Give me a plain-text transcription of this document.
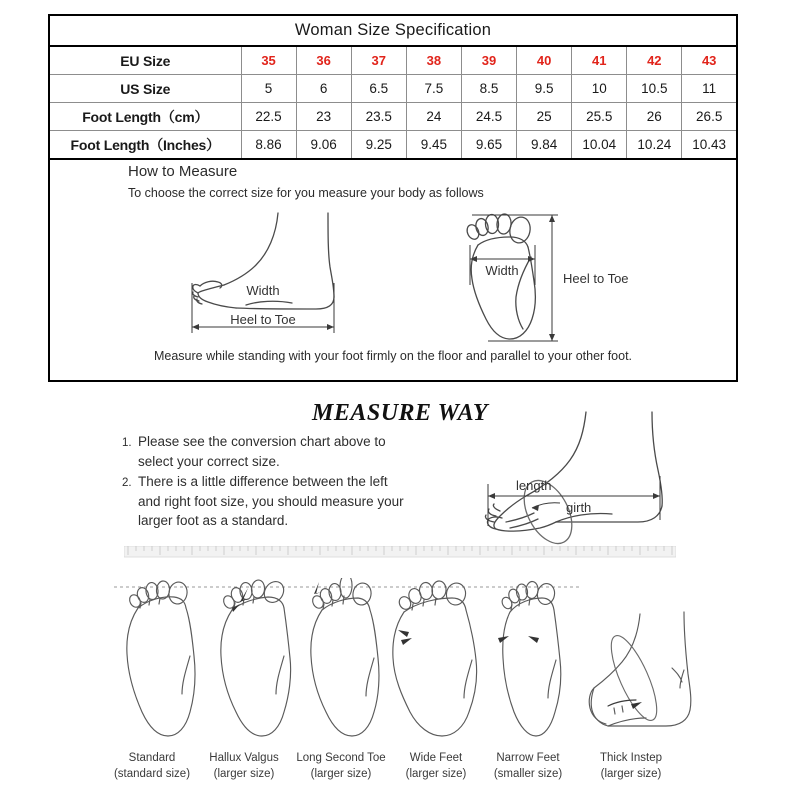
Woman Size Specification									
EU Size	35	36	37	38	39	40	41	42	43
US Size	5	6	6.5	7.5	8.5	9.5	10	10.5	11
Foot Length（cm）	22.5	23	23.5	24	24.5	25	25.5	26	26.5
Foot Length（Inches）	8.86	9.06	9.25	9.45	9.65	9.84	10.04	10.24	10.43
How to Measure
To choose the correct size for you measure your body as follows
Width
Heel to Toe
Width
Heel to Toe
Measure while standing with your foot firmly on the floor and parallel to your other foot.
MEASURE WAY
1. Please see the conversion chart above to select your correct size.
2. There is a little difference between the left and right foot size, you should measure your larger foot as a standard.
length
girth
Standard
(standard size)
Hallux Valgus
(larger size)
Long Second Toe
(larger size)
Wide Feet
(larger size)
Narrow Feet
(smaller size)
Thick Instep
(larger size)
